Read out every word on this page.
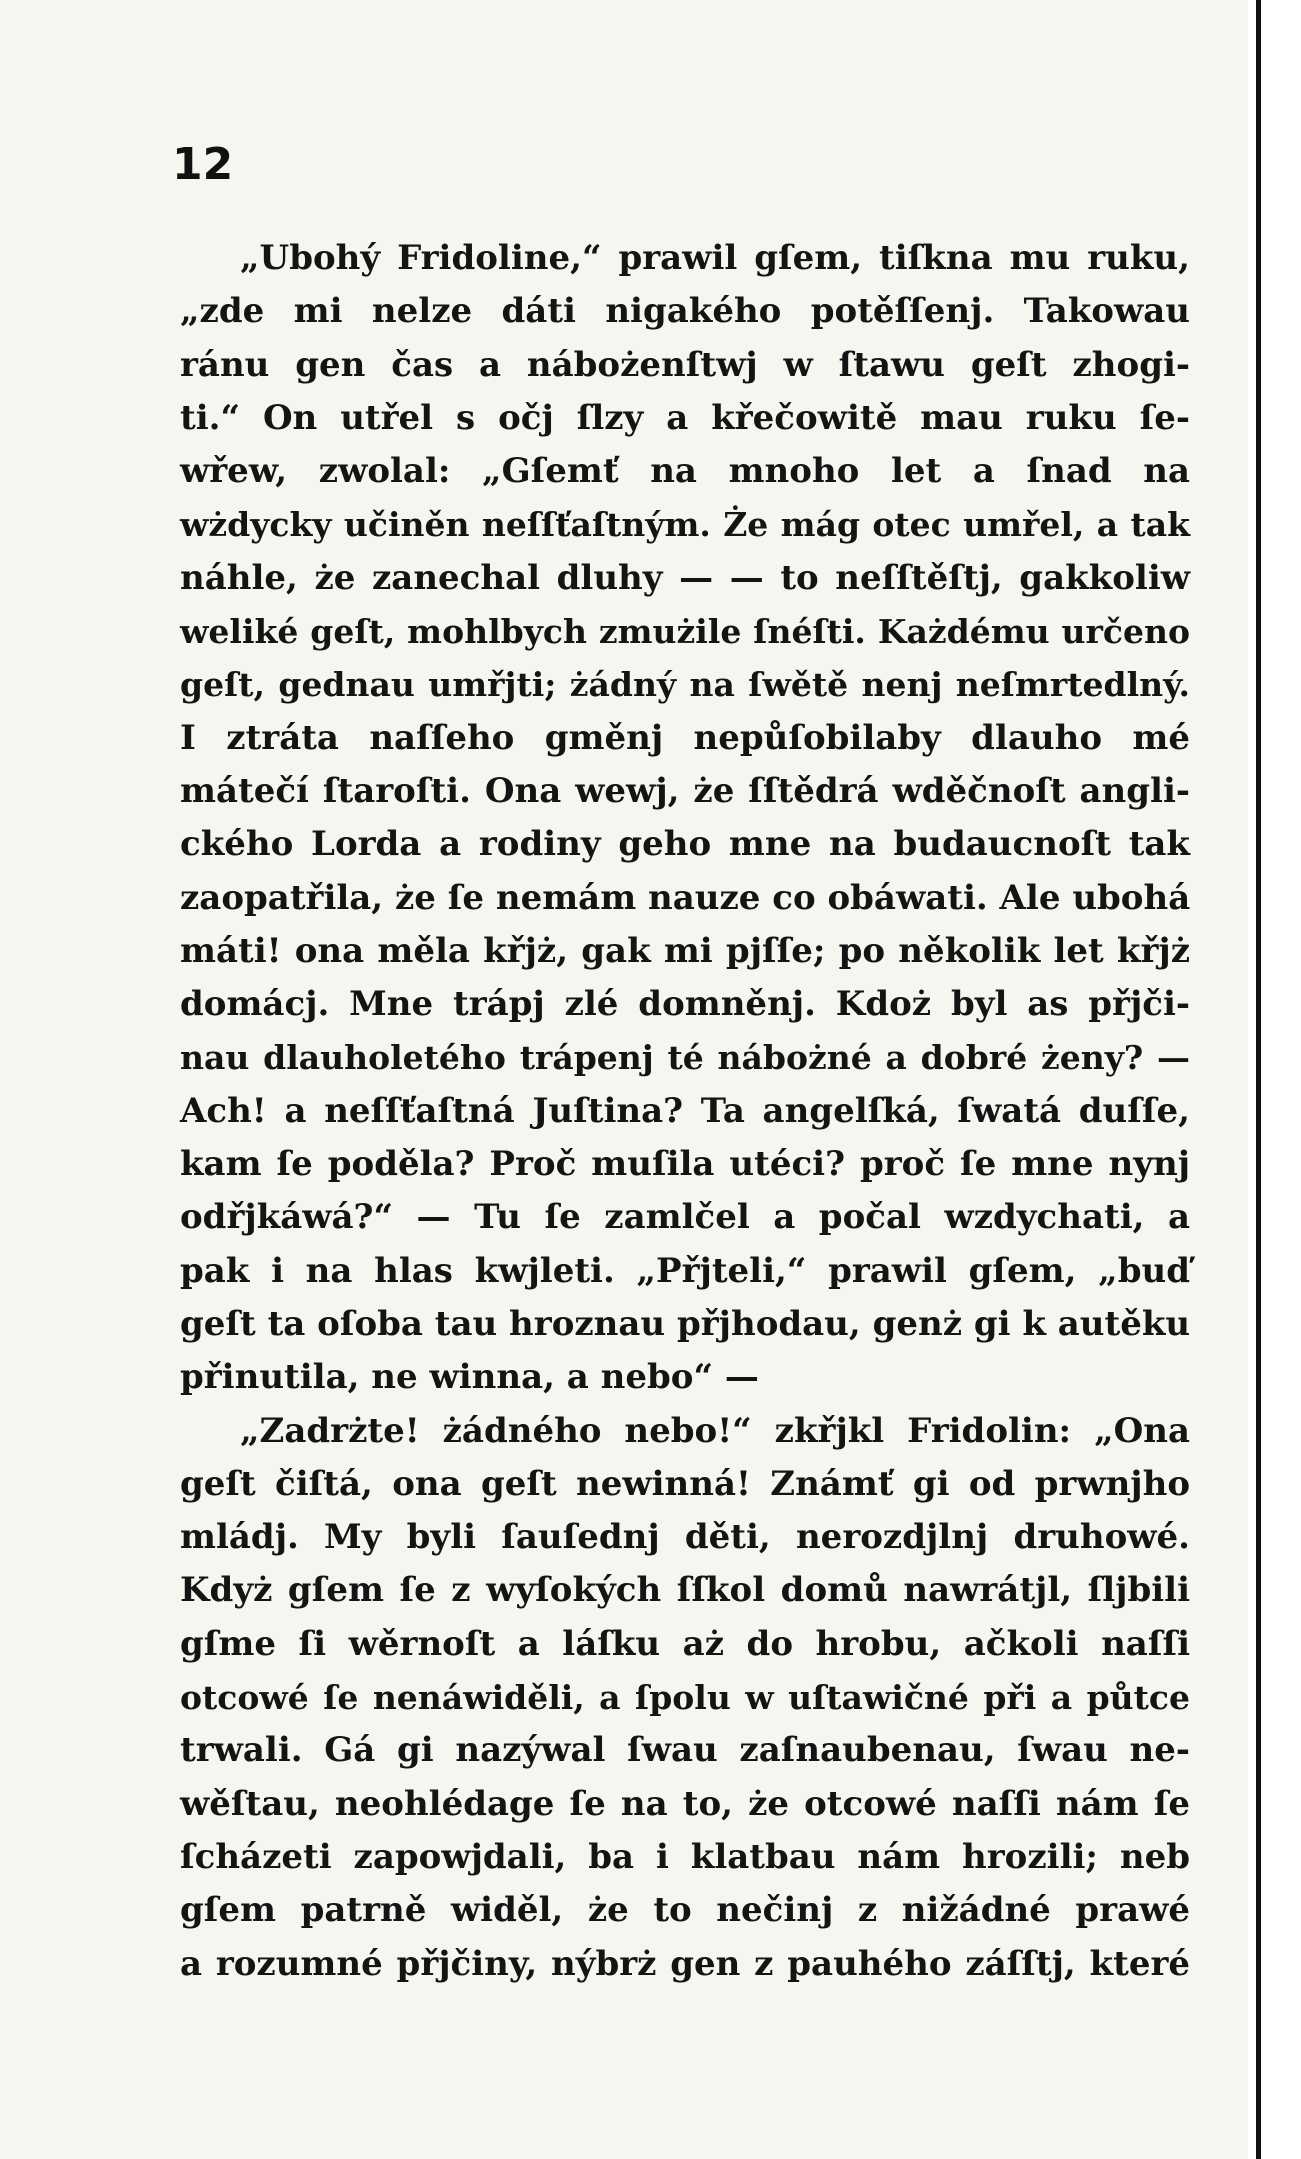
12
„Ubohý Fridoline,“ prawil gſem, tiſkna mu ruku,
„zde mi nelze dáti nigakého potěſſenj. Takowau
ránu gen čas a nábożenſtwj w ſtawu geſt zhogi-
ti.“ On utřel s očj ſlzy a křečowitě mau ruku ſe-
wřew, zwolal: „Gſemť na mnoho let a ſnad na
wżdycky učiněn neſſťaſtným. Że mág otec umřel, a tak
náhle, że zanechal dluhy — — to neſſtěſtj, gakkoliw
weliké geſt, mohlbych zmużile ſnéſti. Każdému určeno
geſt, gednau umřjti; żádný na ſwětě nenj neſmrtedlný.
I ztráta naſſeho gměnj nepůſobilaby dlauho mé
mátečí ſtaroſti. Ona wewj, że ſſtědrá wděčnoſt angli-
ckého Lorda a rodiny geho mne na budaucnoſt tak
zaopatřila, że ſe nemám nauze co obáwati. Ale ubohá
máti! ona měla křjż, gak mi pjſſe; po několik let křjż
domácj. Mne trápj zlé domněnj. Kdoż byl as přjči-
nau dlauholetého trápenj té nábożné a dobré żeny? —
Ach! a neſſťaſtná Juſtina? Ta angelſká, ſwatá duſſe,
kam ſe poděla? Proč muſila utéci? proč ſe mne nynj
odřjkáwá?“ — Tu ſe zamlčel a počal wzdychati, a
pak i na hlas kwjleti. „Přjteli,“ prawil gſem, „buď
geſt ta oſoba tau hroznau přjhodau, genż gi k autěku
přinutila, ne winna, a nebo“ —
„Zadrżte! żádného nebo!“ zkřjkl Fridolin: „Ona
geſt čiſtá, ona geſt newinná! Známť gi od prwnjho
mládj. My byli ſauſednj děti, nerozdjlnj druhowé.
Kdyż gſem ſe z wyſokých ſſkol domů nawrátjl, ſljbili
gſme ſi wěrnoſt a láſku aż do hrobu, ačkoli naſſi
otcowé ſe nenáwiděli, a ſpolu w uſtawičné při a půtce
trwali. Gá gi nazýwal ſwau zaſnaubenau, ſwau ne-
wěſtau, neohlédage ſe na to, że otcowé naſſi nám ſe
ſcházeti zapowjdali, ba i klatbau nám hrozili; neb
gſem patrně widěl, że to nečinj z nižádné prawé
a rozumné přjčiny, nýbrż gen z pauhého záſſtj, které
